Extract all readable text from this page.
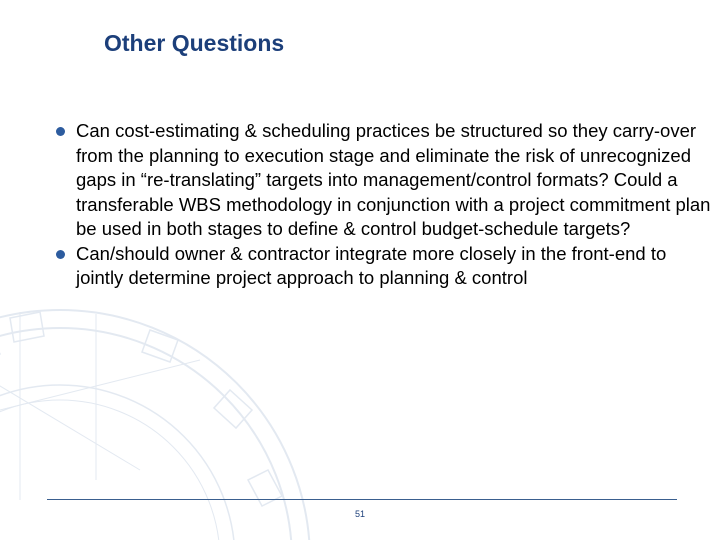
Other Questions
Can cost-estimating & scheduling practices be structured so they carry-over from the planning to execution stage and eliminate the risk of unrecognized gaps in “re-translating” targets into management/control formats? Could a transferable WBS methodology in conjunction with a project commitment plan be used in both stages to define & control budget-schedule targets?
Can/should owner & contractor integrate more closely in the front-end to jointly determine project approach to planning & control
51
